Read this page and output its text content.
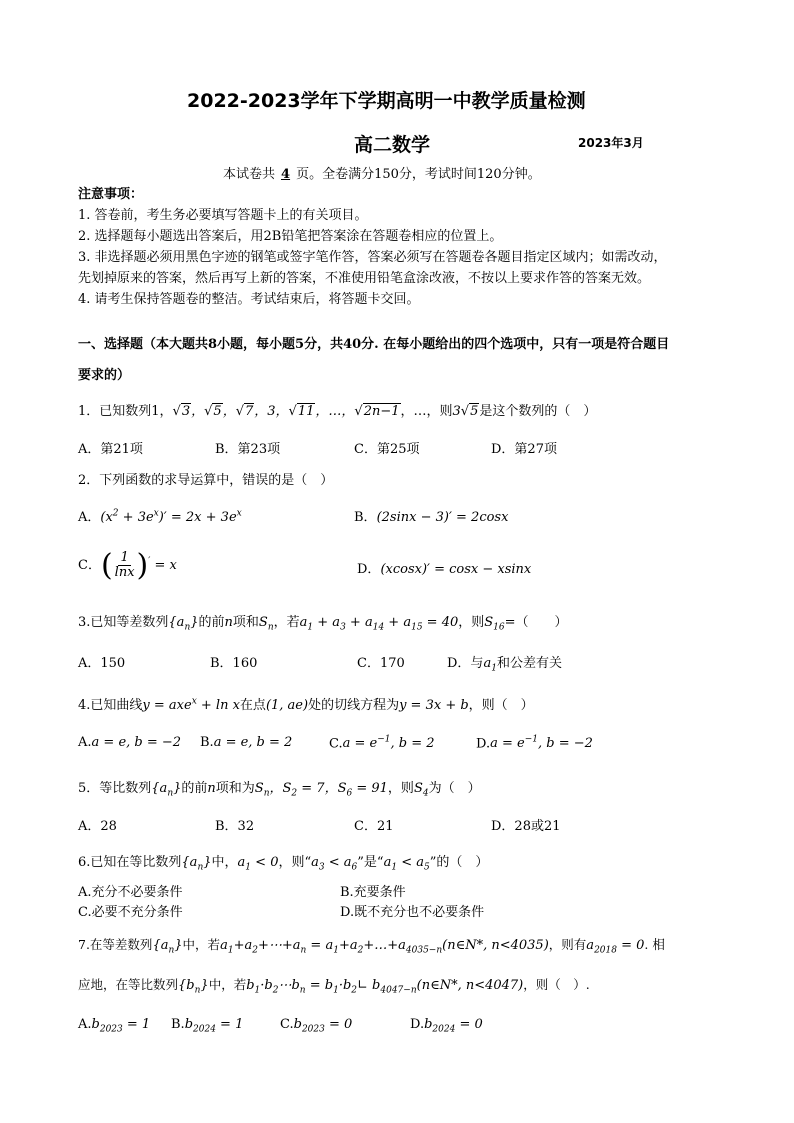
2022-2023学年下学期高明一中教学质量检测
高二数学	2023年3月
本试卷共 4 页。全卷满分150分，考试时间120分钟。
注意事项：
1. 答卷前，考生务必要填写答题卡上的有关项目。
2. 选择题每小题选出答案后，用2B铅笔把答案涂在答题卷相应的位置上。
3. 非选择题必须用黑色字迹的钢笔或签字笔作答，答案必须写在答题卷各题目指定区域内；如需改动，
先划掉原来的答案，然后再写上新的答案，不准使用铅笔盒涂改液，不按以上要求作答的答案无效。
4. 请考生保持答题卷的整洁。考试结束后，将答题卡交回。
一、选择题（本大题共8小题，每小题5分，共40分. 在每小题给出的四个选项中，只有一项是符合题目
要求的）
1．已知数列1，√3，√5，√7，3，√11，…，√2n−1，…，则3√5是这个数列的（　）
A．第21项	B．第23项	C．第25项	D．第27项
2．下列函数的求导运算中，错误的是（　）
A．$(x^2 + 3e^x)' = 2x + 3e^x$	B．(2sinx − 3)′ = 2cosx
C．( $\frac{1}{\ln x} )' = x$	D．(xcosx)′ = cosx − xsinx
3.已知等差数列$\{a_n\}$的前n项和$S_n$，若$a_1 + a_3 + a_{14} + a_{15} = 40$，则$S_{16}=$（　　）
A．150	B．160	C．170	D．与$a_1$和公差有关
4.已知曲线y = axe$^x$ + ln x在点(1, ae)处的切线方程为y = 3x + b，则（　）
A.a = e, b = −2 B.a = e, b = 2	$C.a = e^{-1}$, b = 2	$D.a = e^{-1}$, b = −2
5．等比数列$\{a_n\}$的前n项和为$S_n$，$S_2 = 7$，$S_6 = 91$，则$S_4$为（　）
A．28	B．32	C．21	D．28或21
6.已知在等比数列$\{a_n\}$中，$a_1 < 0$，则“$a_3 < a_6$”是“$a_1 < a_5$”的（　）
A.充分不必要条件	B.充要条件
C.必要不充分条件	D.既不充分也不必要条件
7.在等差数列$\{a_n\}$中，若$a_1+a_2+\cdots+a_n$ = $a_1+a_2+\dots+a_{4035-n}(n\in N*$, n<4035)，则有$a_{2018} = 0$. 相
应地，在等比数列$\{b_n\}$中，若$b_1\cdot b_2\cdots b_n$ = $b_1\cdot b_2∟$ $b_{4047-n}(n\in N*$, n<4047)，则（　）.
$A.b_{2023} = 1$ $B.b_{2024} = 1$	$C.b_{2023} = 0$	$D.b_{2024} = 0$
